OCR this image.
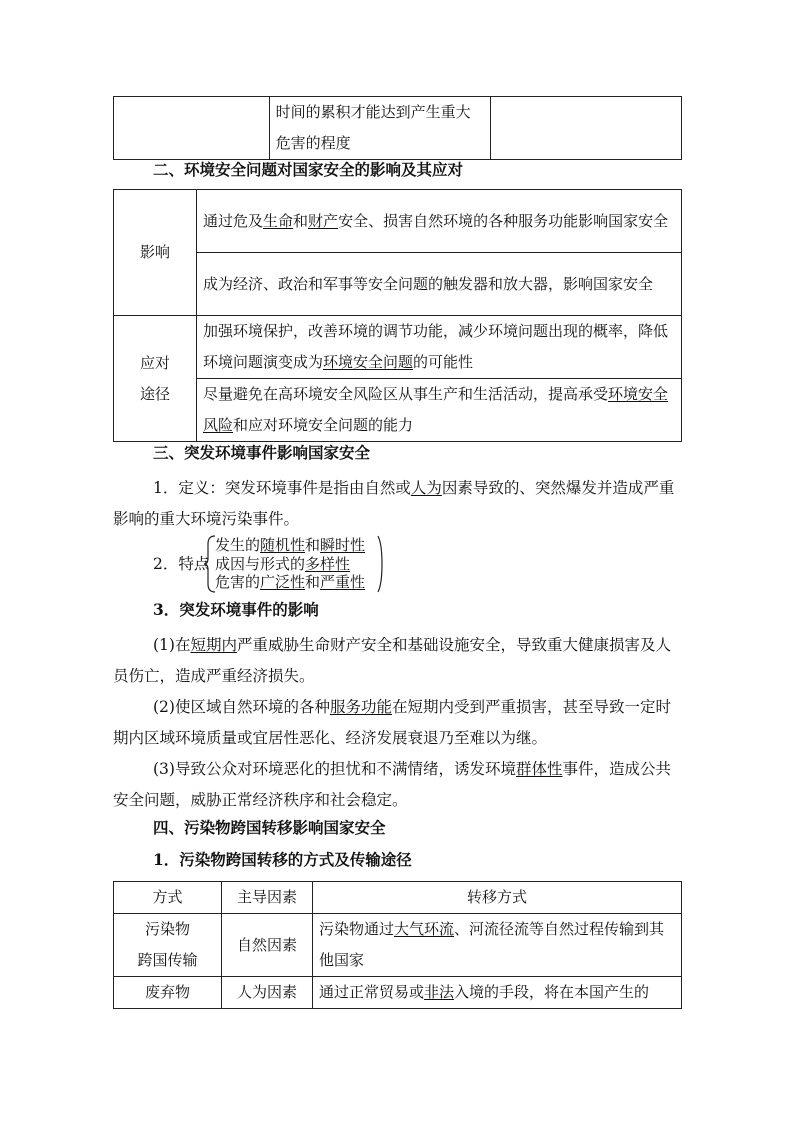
	时间的累积才能达到产生重大
危害的程度	
二、环境安全问题对国家安全的影响及其应对
影响	通过危及生命和财产安全、损害自然环境的各种服务功能影响国家安全
	成为经济、政治和军事等安全问题的触发器和放大器，影响国家安全
应对
途径	加强环境保护，改善环境的调节功能，减少环境问题出现的概率，降低环境问题演变成为环境安全问题的可能性
	尽量避免在高环境安全风险区从事生产和生活活动，提高承受环境安全风险和应对环境安全问题的能力
三、突发环境事件影响国家安全
1．定义：突发环境事件是指由自然或人为因素导致的、突然爆发并造成严重影响的重大环境污染事件。
2．特点
发生的随机性和瞬时性
成因与形式的多样性
危害的广泛性和严重性
3．突发环境事件的影响
(1)在短期内严重威胁生命财产安全和基础设施安全，导致重大健康损害及人员伤亡，造成严重经济损失。
(2)使区域自然环境的各种服务功能在短期内受到严重损害，甚至导致一定时期内区域环境质量或宜居性恶化、经济发展衰退乃至难以为继。
(3)导致公众对环境恶化的担忧和不满情绪，诱发环境群体性事件，造成公共安全问题，威胁正常经济秩序和社会稳定。
四、污染物跨国转移影响国家安全
1．污染物跨国转移的方式及传输途径
方式	主导因素	转移方式
污染物
跨国传输	自然因素	污染物通过大气环流、河流径流等自然过程传输到其他国家
废弃物	人为因素	通过正常贸易或非法入境的手段，将在本国产生的
